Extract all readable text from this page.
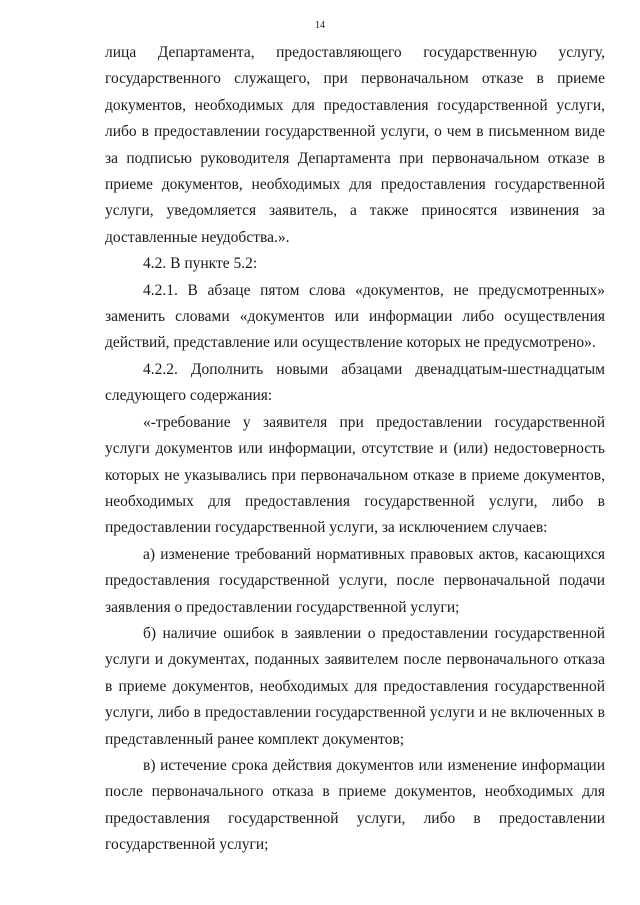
14

лица Департамента, предоставляющего государственную услугу, государственного служащего, при первоначальном отказе в приеме документов, необходимых для предоставления государственной услуги, либо в предоставлении государственной услуги, о чем в письменном виде за подписью руководителя Департамента при первоначальном отказе в приеме документов, необходимых для предоставления государственной услуги, уведомляется заявитель, а также приносятся извинения за доставленные неудобства.».

4.2. В пункте 5.2:

4.2.1. В абзаце пятом слова «документов, не предусмотренных» заменить словами «документов или информации либо осуществления действий, представление или осуществление которых не предусмотрено».

4.2.2. Дополнить новыми абзацами двенадцатым-шестнадцатым следующего содержания:

«-требование у заявителя при предоставлении государственной услуги документов или информации, отсутствие и (или) недостоверность которых не указывались при первоначальном отказе в приеме документов, необходимых для предоставления государственной услуги, либо в предоставлении государственной услуги, за исключением случаев:

а) изменение требований нормативных правовых актов, касающихся предоставления государственной услуги, после первоначальной подачи заявления о предоставлении государственной услуги;

б) наличие ошибок в заявлении о предоставлении государственной услуги и документах, поданных заявителем после первоначального отказа в приеме документов, необходимых для предоставления государственной услуги, либо в предоставлении государственной услуги и не включенных в представленный ранее комплект документов;

в) истечение срока действия документов или изменение информации после первоначального отказа в приеме документов, необходимых для предоставления государственной услуги, либо в предоставлении государственной услуги;
